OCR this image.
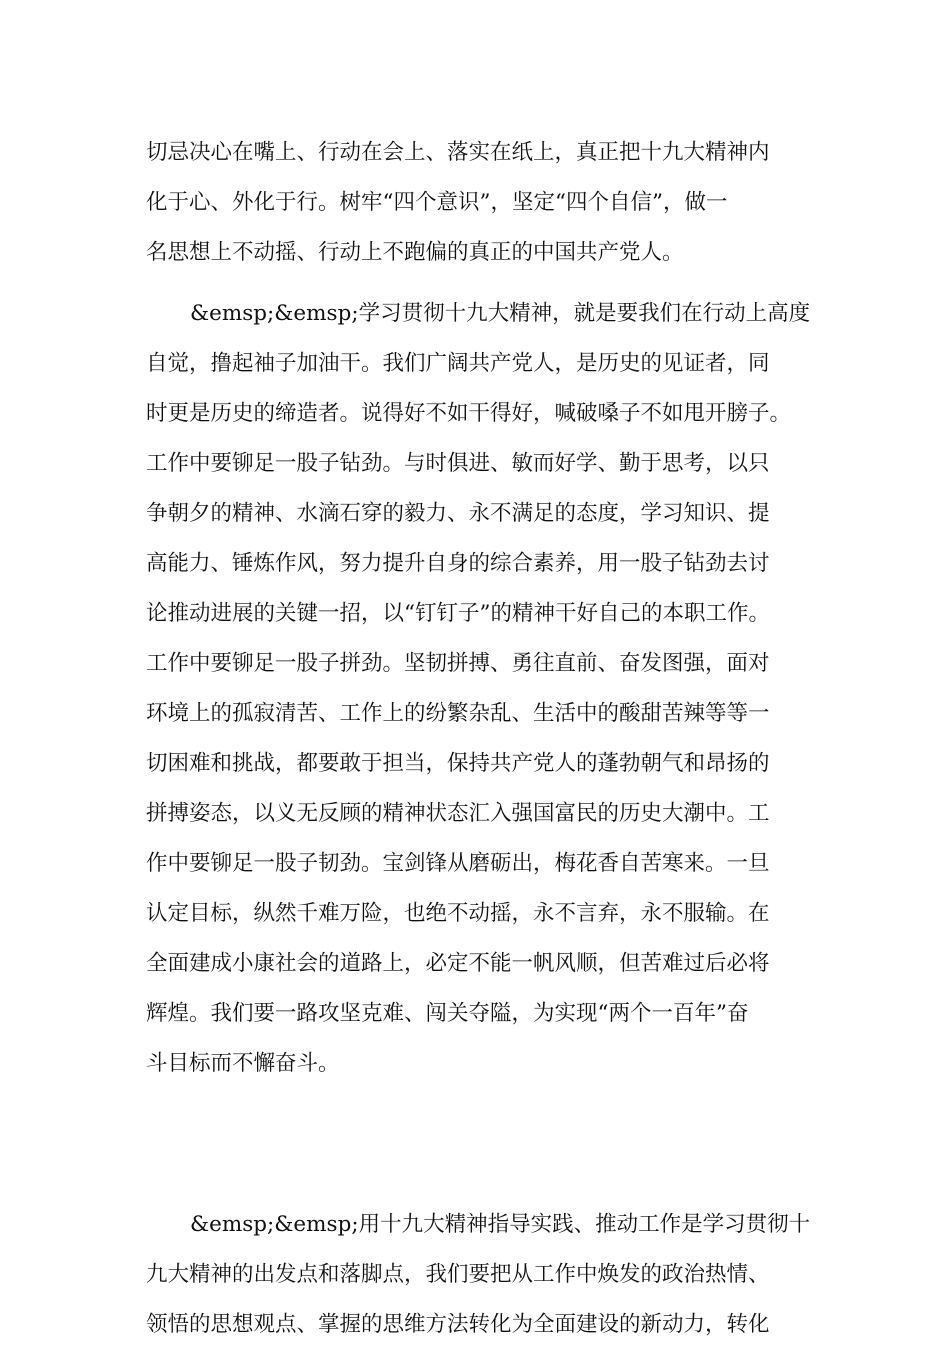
切忌决心在嘴上、行动在会上、落实在纸上，真正把十九大精神内
化于心、外化于行。树牢“四个意识”，坚定“四个自信”，做一
名思想上不动摇、行动上不跑偏的真正的中国共产党人。
&emsp;&emsp;学习贯彻十九大精神，就是要我们在行动上高度
自觉，撸起袖子加油干。我们广阔共产党人，是历史的见证者，同
时更是历史的缔造者。说得好不如干得好，喊破嗓子不如甩开膀子。
工作中要铆足一股子钻劲。与时俱进、敏而好学、勤于思考，以只
争朝夕的精神、水滴石穿的毅力、永不满足的态度，学习知识、提
高能力、锤炼作风，努力提升自身的综合素养，用一股子钻劲去讨
论推动进展的关键一招，以“钉钉子”的精神干好自己的本职工作。
工作中要铆足一股子拼劲。坚韧拼搏、勇往直前、奋发图强，面对
环境上的孤寂清苦、工作上的纷繁杂乱、生活中的酸甜苦辣等等一
切困难和挑战，都要敢于担当，保持共产党人的蓬勃朝气和昂扬的
拼搏姿态，以义无反顾的精神状态汇入强国富民的历史大潮中。工
作中要铆足一股子韧劲。宝剑锋从磨砺出，梅花香自苦寒来。一旦
认定目标，纵然千难万险，也绝不动摇，永不言弃，永不服输。在
全面建成小康社会的道路上，必定不能一帆风顺，但苦难过后必将
辉煌。我们要一路攻坚克难、闯关夺隘，为实现“两个一百年”奋
斗目标而不懈奋斗。
&emsp;&emsp;用十九大精神指导实践、推动工作是学习贯彻十
九大精神的出发点和落脚点，我们要把从工作中焕发的政治热情、
领悟的思想观点、掌握的思维方法转化为全面建设的新动力，转化
